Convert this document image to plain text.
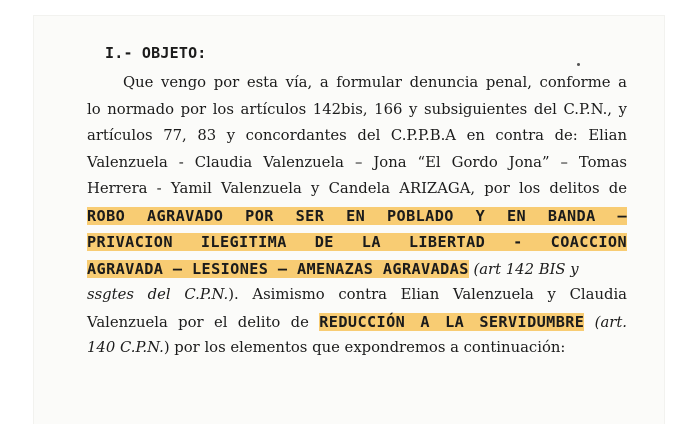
I.- OBJETO:
Que vengo por esta vía, a formular denuncia penal, conforme a
lo normado por los artículos 142bis, 166 y subsiguientes del C.P.N., y
artículos 77, 83 y concordantes del C.P.P.B.A en contra de: Elian
Valenzuela - Claudia Valenzuela – Jona “El Gordo Jona” – Tomas
Herrera - Yamil Valenzuela y Candela ARIZAGA, por los delitos de
ROBO AGRAVADO POR SER EN POBLADO Y EN BANDA –
PRIVACION ILEGITIMA DE LA LIBERTAD - COACCION
AGRAVADA – LESIONES – AMENAZAS AGRAVADAS (art 142 BIS y
ssgtes del C.P.N.). Asimismo contra Elian Valenzuela y Claudia
Valenzuela por el delito de REDUCCIÓN A LA SERVIDUMBRE (art.
140 C.P.N.) por los elementos que expondremos a continuación:
